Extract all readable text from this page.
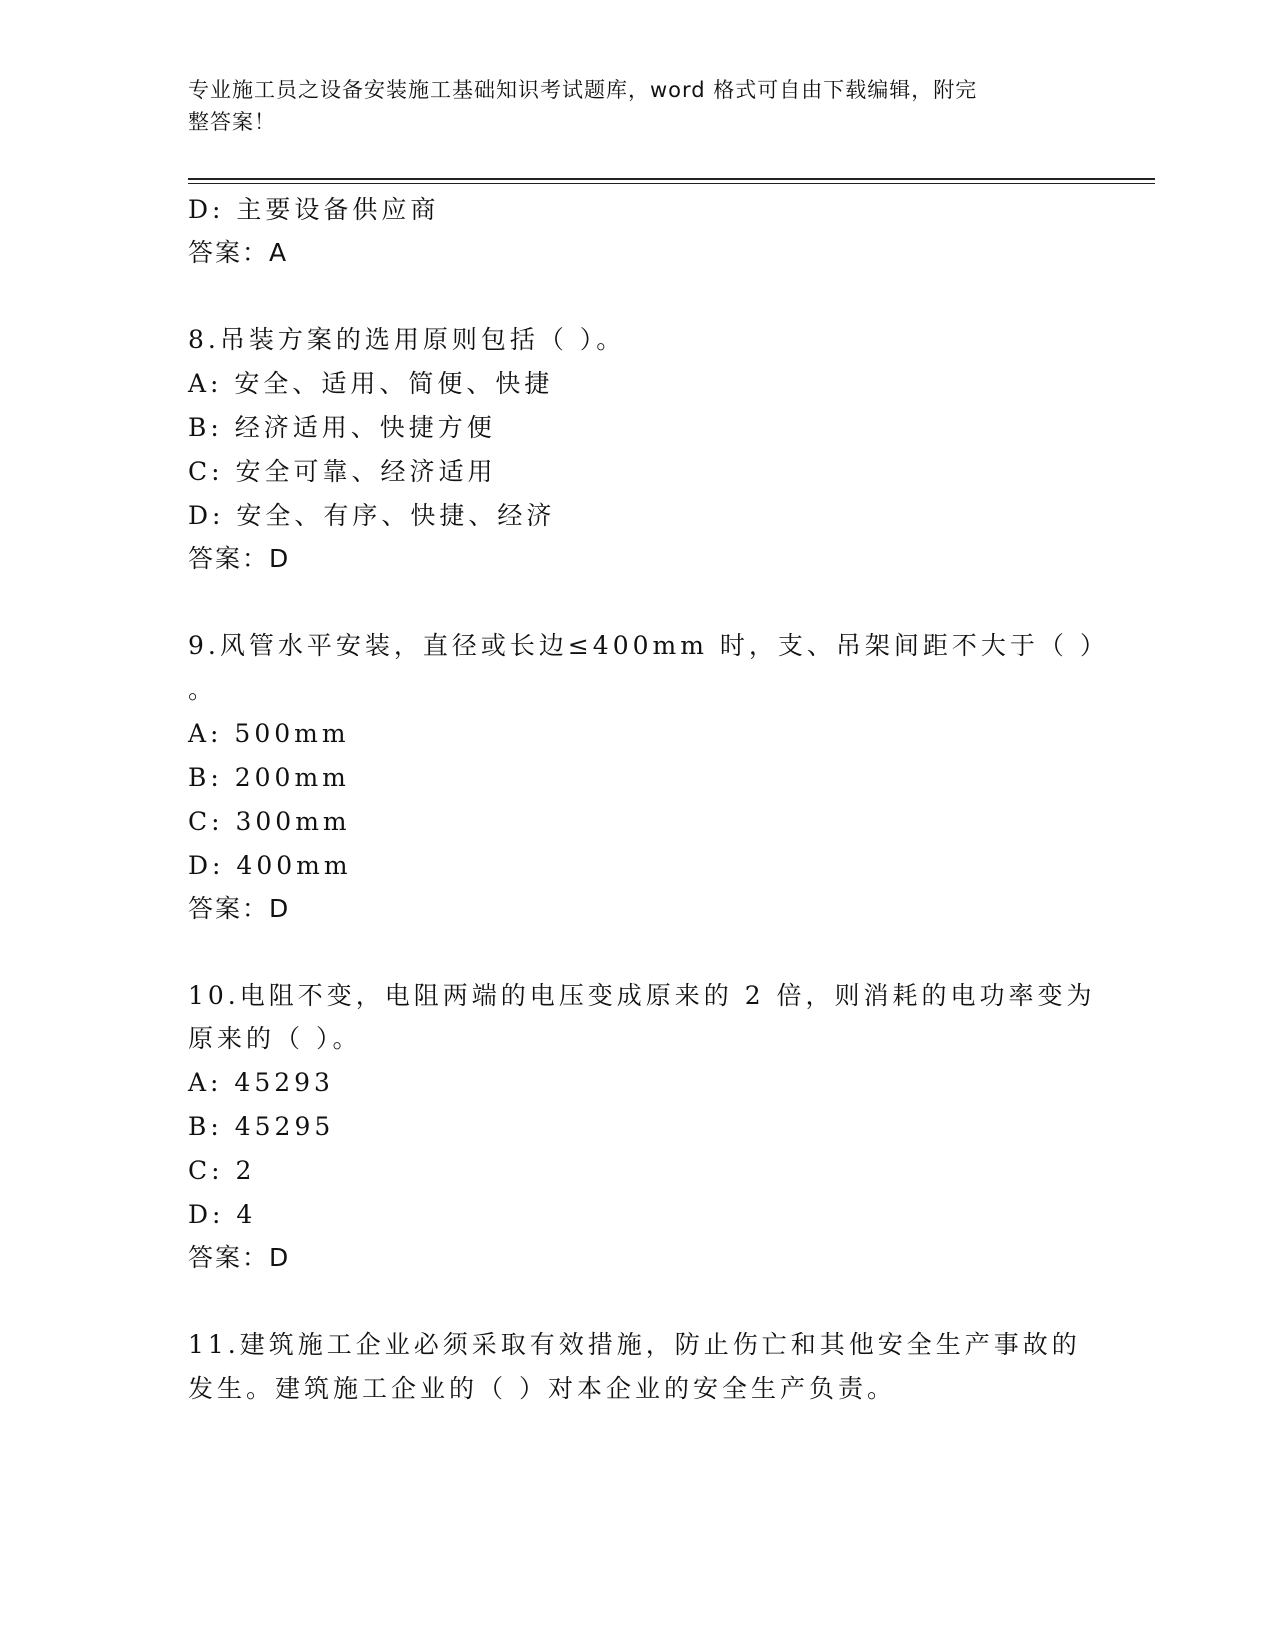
专业施工员之设备安装施工基础知识考试题库，word 格式可自由下载编辑，附完
整答案！
D: 主要设备供应商
答案：A
8.吊装方案的选用原则包括（ ）。
A: 安全、适用、简便、快捷
B: 经济适用、快捷方便
C: 安全可靠、经济适用
D: 安全、有序、快捷、经济
答案：D
9.风管水平安装，直径或长边≤400mm 时，支、吊架间距不大于（ ）
。
A: 500mm
B: 200mm
C: 300mm
D: 400mm
答案：D
10.电阻不变，电阻两端的电压变成原来的 2 倍，则消耗的电功率变为
原来的（ ）。
A: 45293
B: 45295
C: 2
D: 4
答案：D
11.建筑施工企业必须采取有效措施，防止伤亡和其他安全生产事故的
发生。建筑施工企业的（ ）对本企业的安全生产负责。
